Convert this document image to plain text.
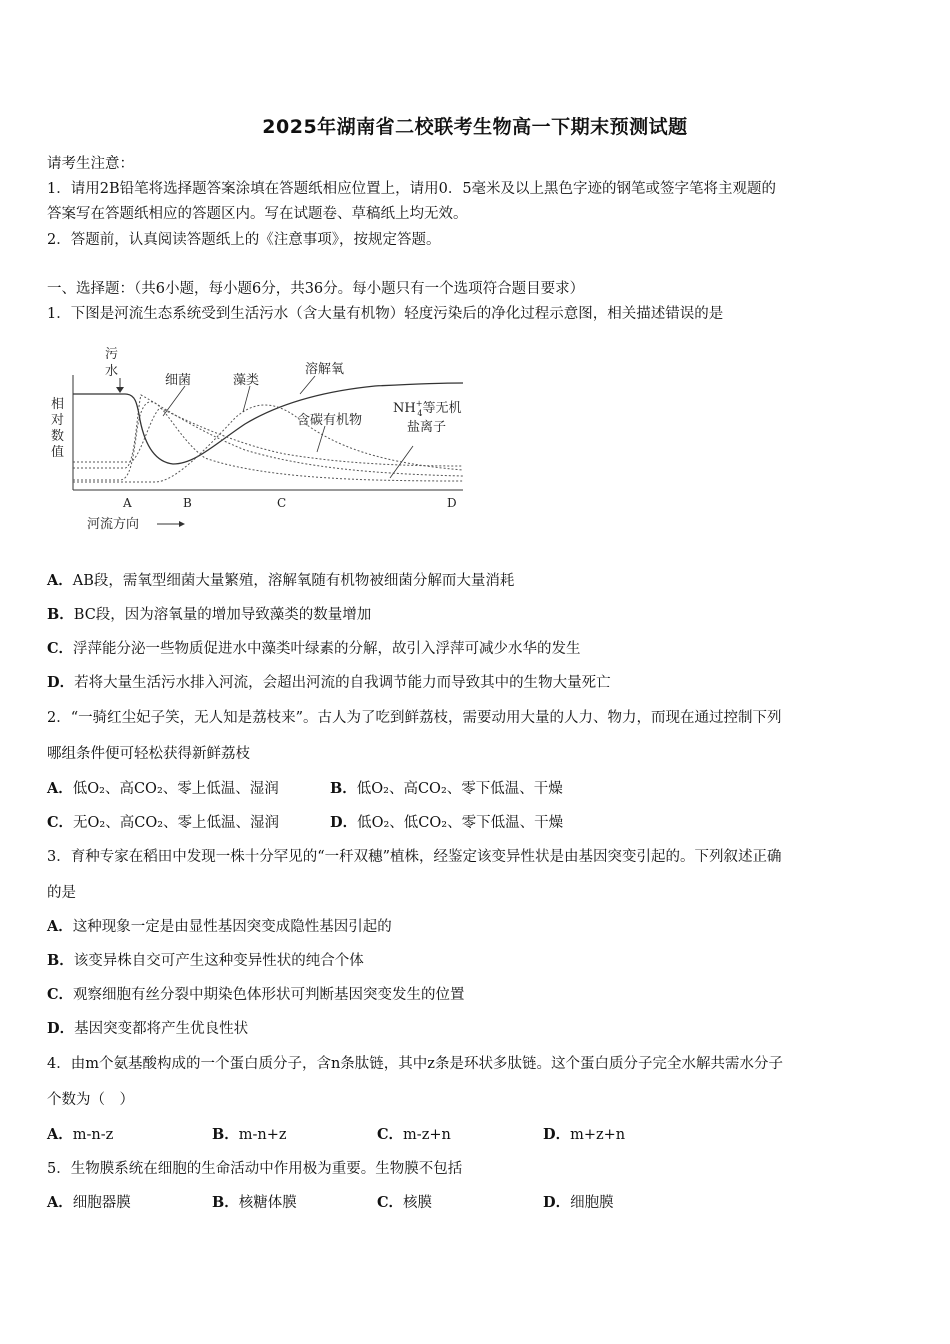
2025年湖南省二校联考生物高一下期末预测试题
请考生注意：
1．请用2B铅笔将选择题答案涂填在答题纸相应位置上，请用0．5毫米及以上黑色字迹的钢笔或签字笔将主观题的
答案写在答题纸相应的答题区内。写在试题卷、草稿纸上均无效。
2．答题前，认真阅读答题纸上的《注意事项》，按规定答题。
一、选择题：（共6小题，每小题6分，共36分。每小题只有一个选项符合题目要求）
1．下图是河流生态系统受到生活污水（含大量有机物）轻度污染后的净化过程示意图，相关描述错误的是
相
对
数
值
污
水
细菌	藻类
溶解氧
含碳有机物
NH+ 4等无机
盐离子
A	B	C	D
河流方向
A．AB段，需氧型细菌大量繁殖，溶解氧随有机物被细菌分解而大量消耗
B．BC段，因为溶氧量的增加导致藻类的数量增加
C．浮萍能分泌一些物质促进水中藻类叶绿素的分解，故引入浮萍可减少水华的发生
D．若将大量生活污水排入河流，会超出河流的自我调节能力而导致其中的生物大量死亡
2．“一骑红尘妃子笑，无人知是荔枝来”。古人为了吃到鲜荔枝，需要动用大量的人力、物力，而现在通过控制下列
哪组条件便可轻松获得新鲜荔枝
A．低O₂、高CO₂、零上低温、湿润	B．低O₂、高CO₂、零下低温、干燥
C．无O₂、高CO₂、零上低温、湿润	D．低O₂、低CO₂、零下低温、干燥
3．育种专家在稻田中发现一株十分罕见的“一秆双穗”植株，经鉴定该变异性状是由基因突变引起的。下列叙述正确
的是
A．这种现象一定是由显性基因突变成隐性基因引起的
B．该变异株自交可产生这种变异性状的纯合个体
C．观察细胞有丝分裂中期染色体形状可判断基因突变发生的位置
D．基因突变都将产生优良性状
4．由m个氨基酸构成的一个蛋白质分子，含n条肽链，其中z条是环状多肽链。这个蛋白质分子完全水解共需水分子
个数为（　）
A．m-n-z	B．m-n+z	C．m-z+n	D．m+z+n
5．生物膜系统在细胞的生命活动中作用极为重要。生物膜不包括
A．细胞器膜	B．核糖体膜	C．核膜	D．细胞膜
